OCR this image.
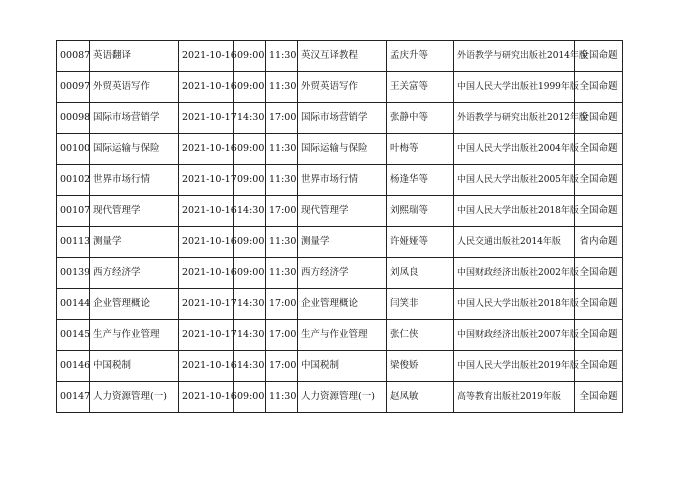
00087	英语翻译	2021-10-16	09:00	11:30	英汉互译教程	孟庆升等	外语教学与研究出版社2014年版	全国命题
00097	外贸英语写作	2021-10-16	09:00	11:30	外贸英语写作	王关富等	中国人民大学出版社1999年版	全国命题
00098	国际市场营销学	2021-10-17	14:30	17:00	国际市场营销学	张静中等	外语教学与研究出版社2012年版	全国命题
00100	国际运输与保险	2021-10-16	09:00	11:30	国际运输与保险	叶梅等	中国人民大学出版社2004年版	全国命题
00102	世界市场行情	2021-10-17	09:00	11:30	世界市场行情	杨逢华等	中国人民大学出版社2005年版	全国命题
00107	现代管理学	2021-10-16	14:30	17:00	现代管理学	刘熙瑞等	中国人民大学出版社2018年版	全国命题
00113	测量学	2021-10-16	09:00	11:30	测量学	许娅娅等	人民交通出版社2014年版	省内命题
00139	西方经济学	2021-10-16	09:00	11:30	西方经济学	刘凤良	中国财政经济出版社2002年版	全国命题
00144	企业管理概论	2021-10-17	14:30	17:00	企业管理概论	闫笑非	中国人民大学出版社2018年版	全国命题
00145	生产与作业管理	2021-10-17	14:30	17:00	生产与作业管理	张仁侠	中国财政经济出版社2007年版	全国命题
00146	中国税制	2021-10-16	14:30	17:00	中国税制	梁俊娇	中国人民大学出版社2019年版	全国命题
00147	人力资源管理(一)	2021-10-16	09:00	11:30	人力资源管理(一)	赵凤敏	高等教育出版社2019年版	全国命题
